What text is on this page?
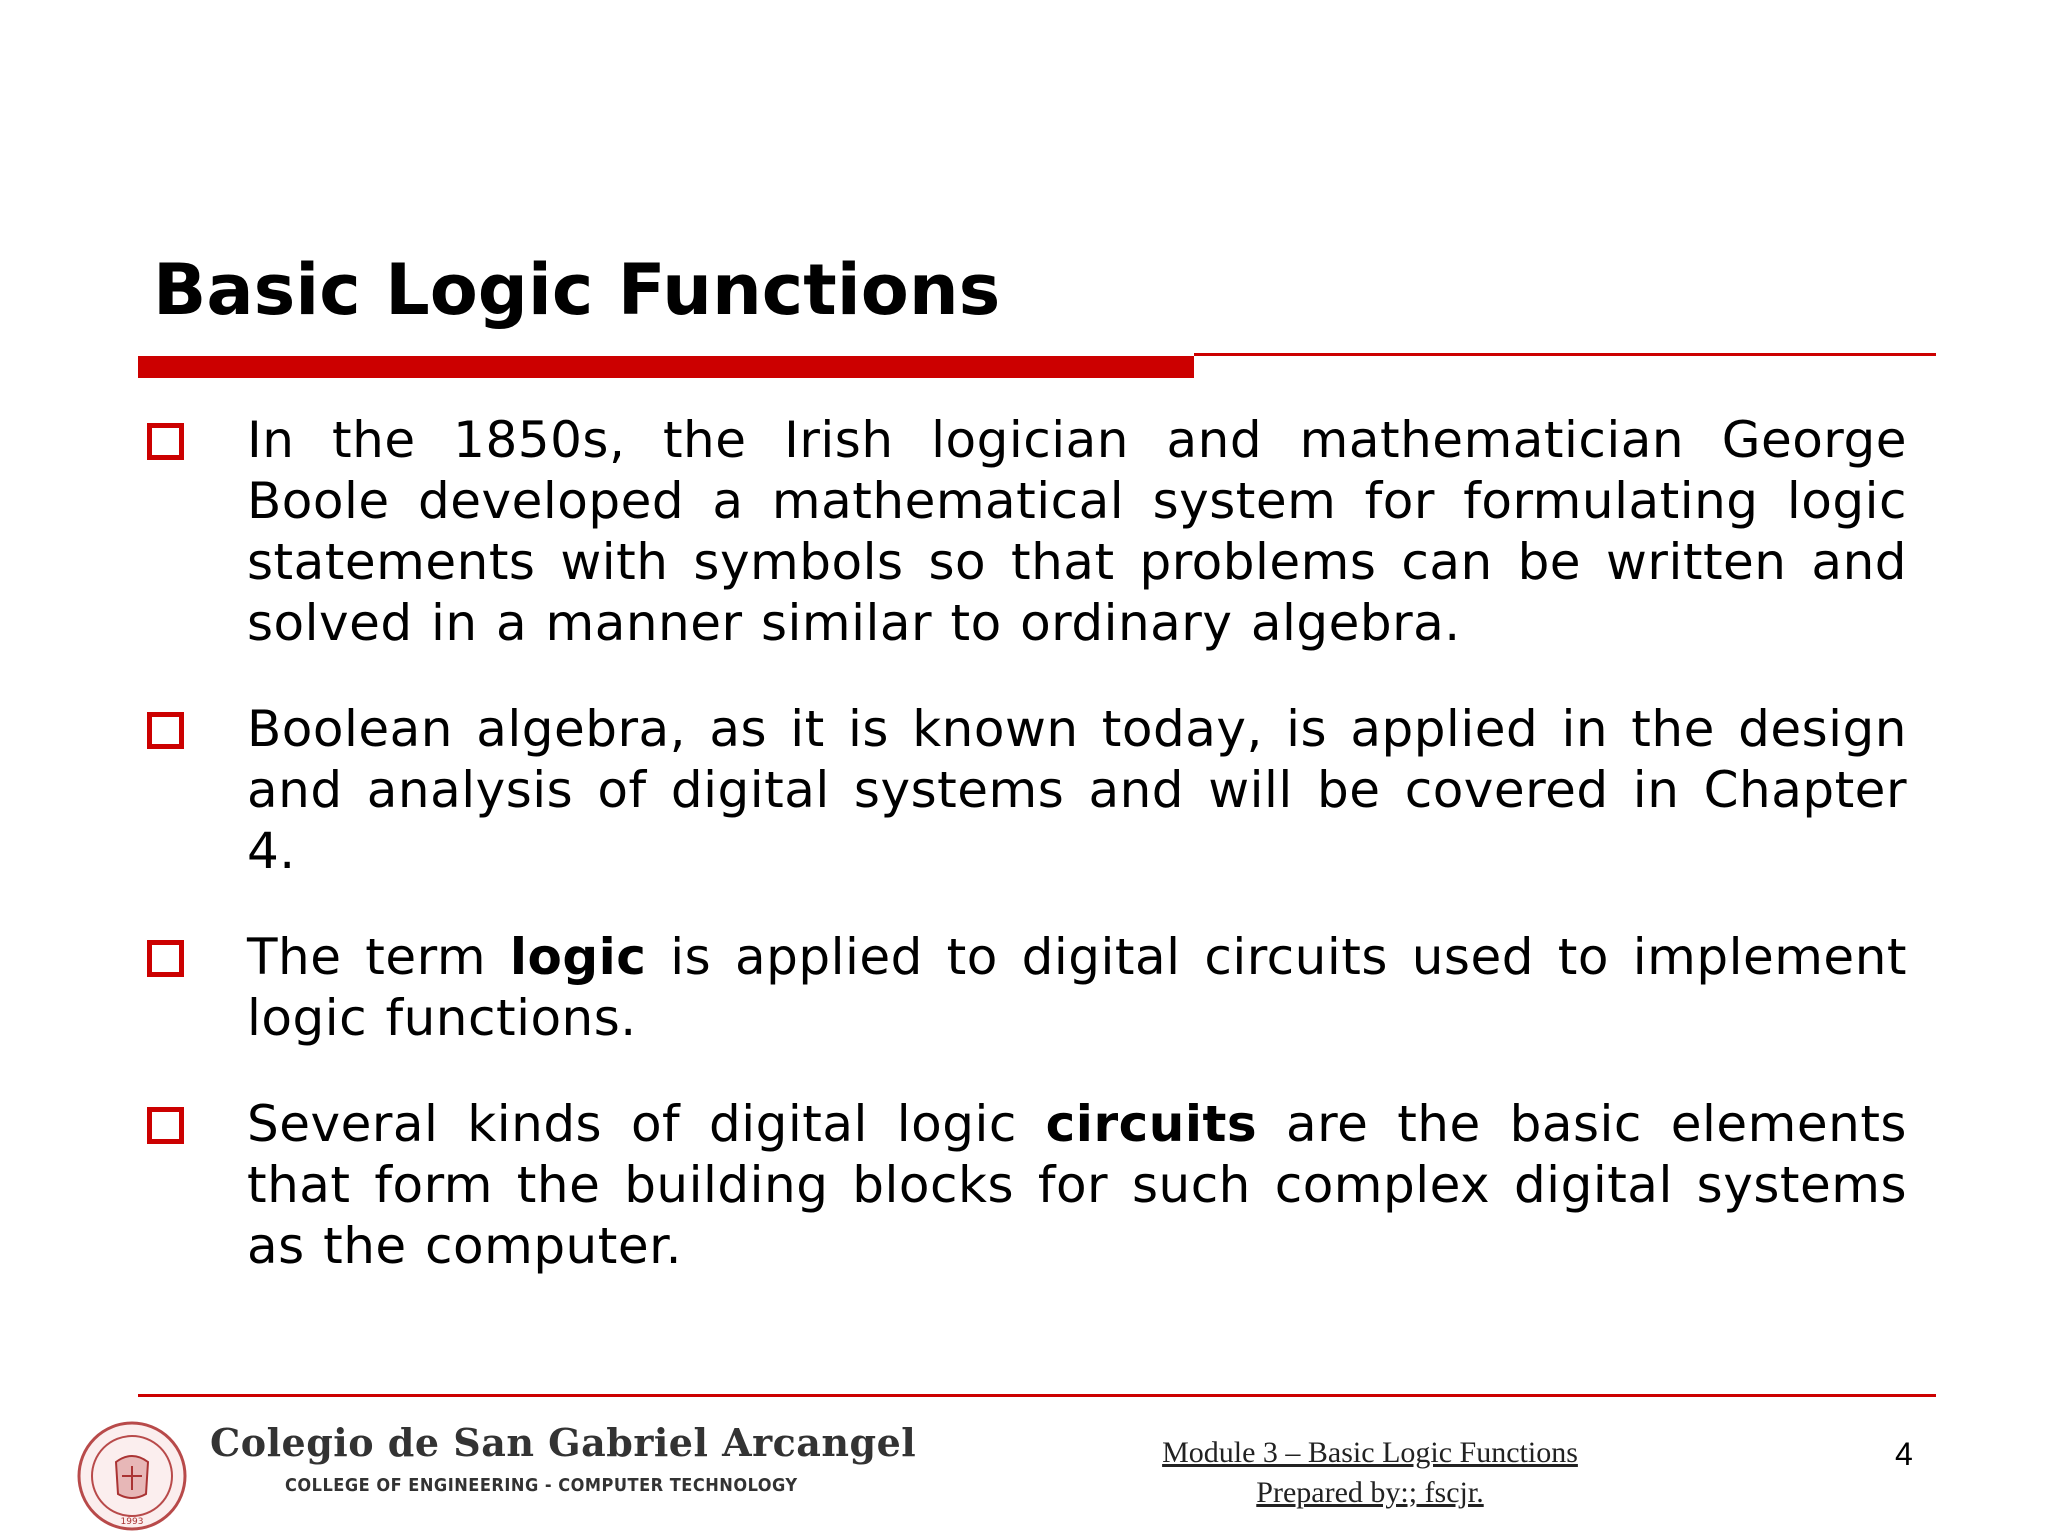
Basic Logic Functions
In the 1850s, the Irish logician and mathematician George Boole developed a mathematical system for formulating logic statements with symbols so that problems can be written and solved in a manner similar to ordinary algebra.
Boolean algebra, as it is known today, is applied in the design and analysis of digital systems and will be covered in Chapter 4.
The term logic is applied to digital circuits used to implement logic functions.
Several kinds of digital logic circuits are the basic elements that form the building blocks for such complex digital systems as the computer.
1993
Colegio de San Gabriel Arcangel
COLLEGE OF ENGINEERING - COMPUTER TECHNOLOGY
Module 3 – Basic Logic Functions
Prepared by:; fscjr.
4
